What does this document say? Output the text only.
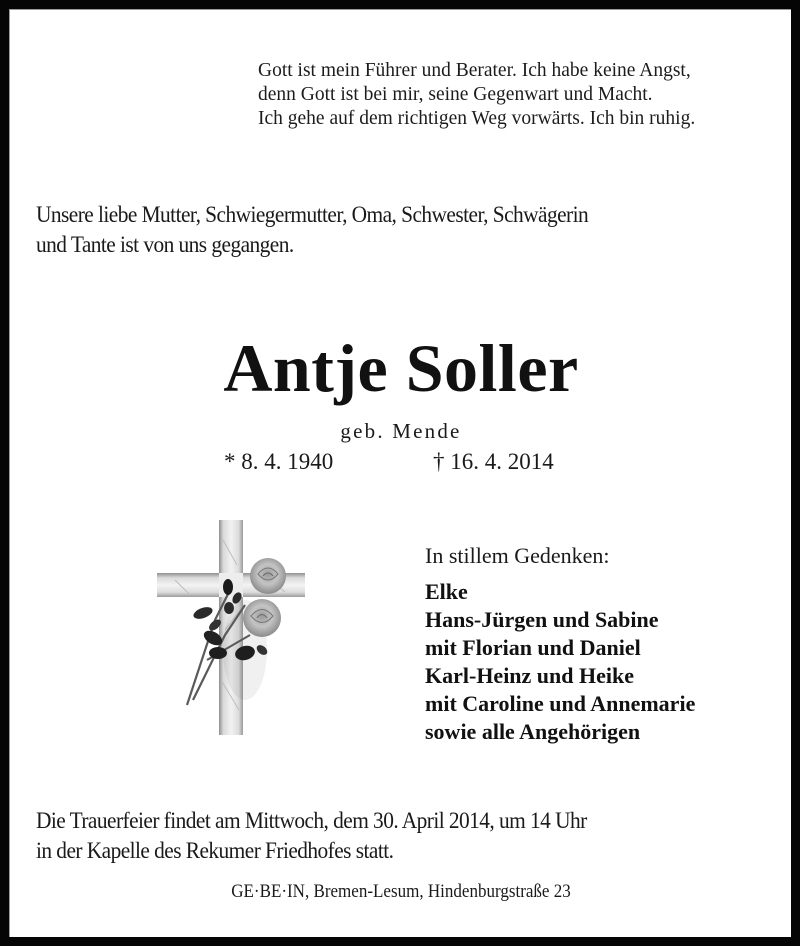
Gott ist mein Führer und Berater. Ich habe keine Angst,
denn Gott ist bei mir, seine Gegenwart und Macht.
Ich gehe auf dem richtigen Weg vorwärts. Ich bin ruhig.
Unsere liebe Mutter, Schwiegermutter, Oma, Schwester, Schwägerin
und Tante ist von uns gegangen.
Antje Soller
geb. Mende
* 8. 4. 1940	† 16. 4. 2014
In stillem Gedenken:
Elke
Hans-Jürgen und Sabine
mit Florian und Daniel
Karl-Heinz und Heike
mit Caroline und Annemarie
sowie alle Angehörigen
Die Trauerfeier findet am Mittwoch, dem 30. April 2014, um 14 Uhr
in der Kapelle des Rekumer Friedhofes statt.
GE·BE·IN, Bremen-Lesum, Hindenburgstraße 23
